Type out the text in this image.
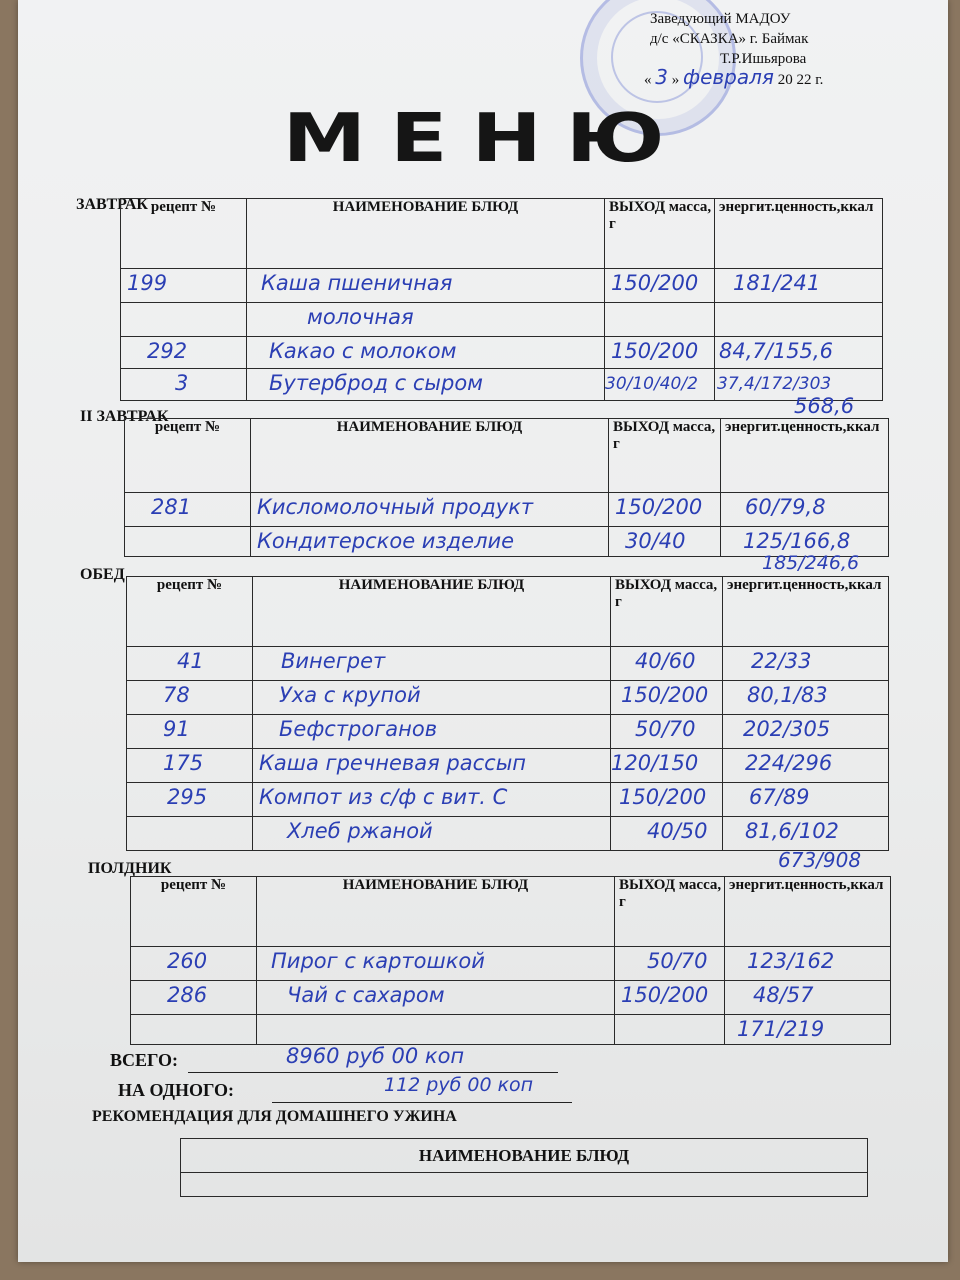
Заведующий МАДОУ
д/с «СКАЗКА» г. Баймак
Т.Р.Ишьярова
« 3 » февраля 20 22 г.
МЕНЮ
ЗАВТРАК рецепт №	НАИМЕНОВАНИЕ БЛЮД	ВЫХОД масса, г	энергит.ценность,ккал

199	Каша пшеничная	150/200	181/241

	молочная		

292	Какао с молоком	150/200	84,7/155,6

3	Бутерброд с сыром	30/10/40/2	37,4/172/303
568,6
II ЗАВТРАК
рецепт №	НАИМЕНОВАНИЕ БЛЮД	ВЫХОД масса, г	энергит.ценность,ккал

281	Кисломолочный продукт	150/200	60/79,8

	Кондитерское изделие	30/40	125/166,8
185/246,6
ОБЕД
рецепт №	НАИМЕНОВАНИЕ БЛЮД	ВЫХОД масса, г	энергит.ценность,ккал

41	Винегрет	40/60	22/33

78	Уха с крупой	150/200	80,1/83

91	Бефстроганов	50/70	202/305

175	Каша гречневая рассып	120/150	224/296

295	Компот из с/ф с вит. С	150/200	67/89

	Хлеб ржаной	40/50	81,6/102
673/908
ПОЛДНИК
рецепт №	НАИМЕНОВАНИЕ БЛЮД	ВЫХОД масса, г	энергит.ценность,ккал

260	Пирог с картошкой	50/70	123/162

286	Чай с сахаром	150/200	48/57

			171/219
ВСЕГО:	8960 руб 00 коп
НА ОДНОГО:	112 руб 00 коп
РЕКОМЕНДАЦИЯ ДЛЯ ДОМАШНЕГО УЖИНА
НАИМЕНОВАНИЕ БЛЮД
